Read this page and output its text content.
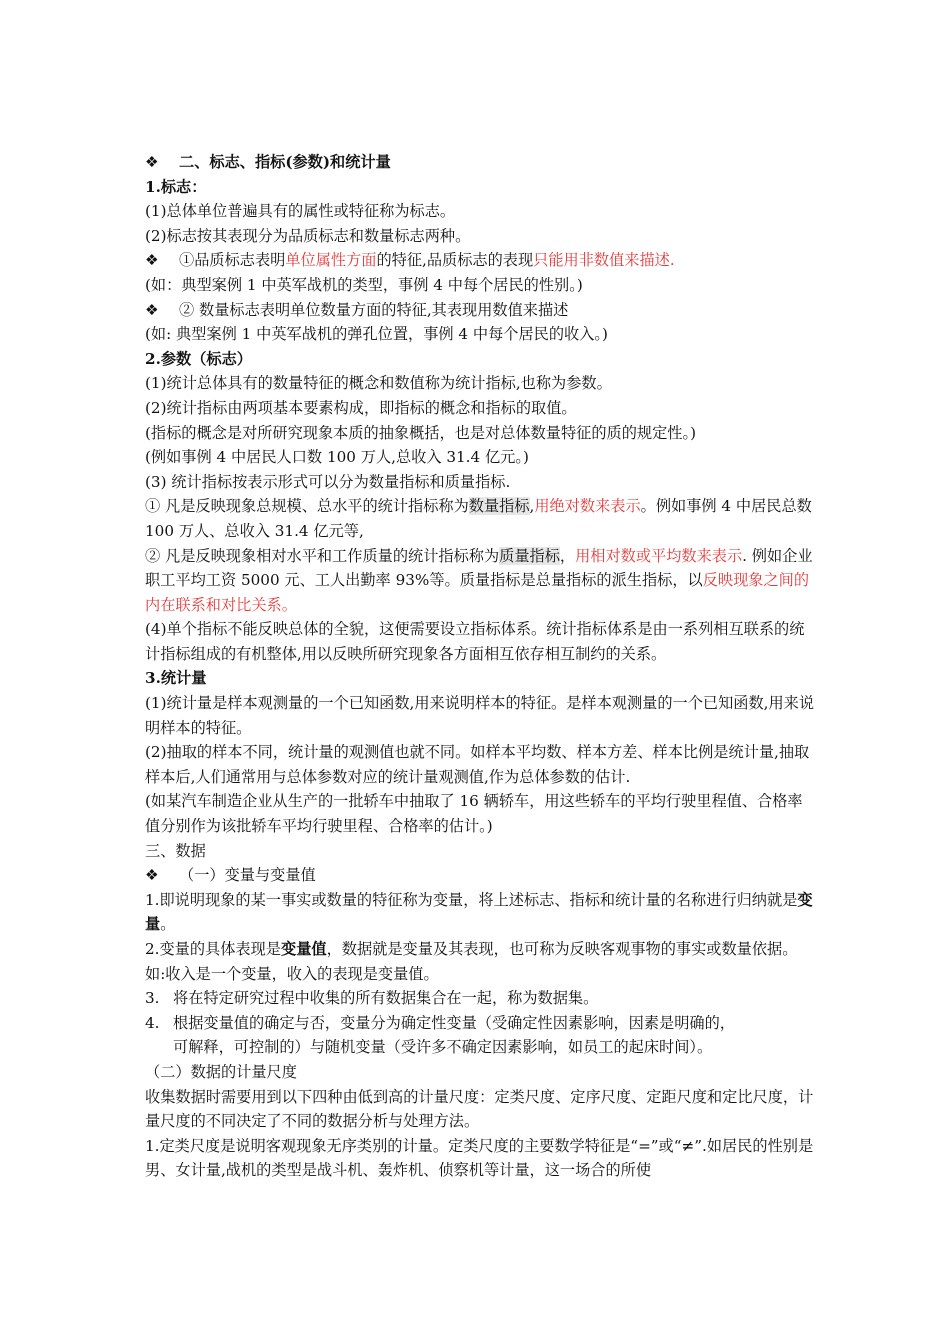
❖ 二、标志、指标(参数)和统计量

1.标志：

(1)总体单位普遍具有的属性或特征称为标志。

(2)标志按其表现分为品质标志和数量标志两种。

❖ ①品质标志表明单位属性方面的特征,品质标志的表现只能用非数值来描述.

(如：典型案例 1 中英军战机的类型，事例 4 中每个居民的性别。)

❖ ② 数量标志表明单位数量方面的特征,其表现用数值来描述

(如: 典型案例 1 中英军战机的弹孔位置，事例 4 中每个居民的收入。)

2.参数（标志）

(1)统计总体具有的数量特征的概念和数值称为统计指标,也称为参数。

(2)统计指标由两项基本要素构成，即指标的概念和指标的取值。

(指标的概念是对所研究现象本质的抽象概括，也是对总体数量特征的质的规定性。)

(例如事例 4 中居民人口数 100 万人,总收入 31.4 亿元。)

(3) 统计指标按表示形式可以分为数量指标和质量指标.

① 凡是反映现象总规模、总水平的统计指标称为数量指标,用绝对数来表示。例如事例 4 中居民总数 100 万人、总收入 31.4 亿元等,

② 凡是反映现象相对水平和工作质量的统计指标称为质量指标，用相对数或平均数来表示. 例如企业职工平均工资 5000 元、工人出勤率 93%等。质量指标是总量指标的派生指标，以反映现象之间的内在联系和对比关系。

(4)单个指标不能反映总体的全貌，这便需要设立指标体系。统计指标体系是由一系列相互联系的统计指标组成的有机整体,用以反映所研究现象各方面相互依存相互制约的关系。

3.统计量

(1)统计量是样本观测量的一个已知函数,用来说明样本的特征。是样本观测量的一个已知函数,用来说明样本的特征。

(2)抽取的样本不同，统计量的观测值也就不同。如样本平均数、样本方差、样本比例是统计量,抽取样本后,人们通常用与总体参数对应的统计量观测值,作为总体参数的估计.

(如某汽车制造企业从生产的一批轿车中抽取了 16 辆轿车，用这些轿车的平均行驶里程值、合格率值分别作为该批轿车平均行驶里程、合格率的估计。)

三、数据

❖ （一）变量与变量值

1.即说明现象的某一事实或数量的特征称为变量，将上述标志、指标和统计量的名称进行归纳就是变量。

2.变量的具体表现是变量值，数据就是变量及其表现，也可称为反映客观事物的事实或数量依据。

如:收入是一个变量，收入的表现是变量值。

3. 将在特定研究过程中收集的所有数据集合在一起，称为数据集。

4. 根据变量值的确定与否，变量分为确定性变量（受确定性因素影响，因素是明确的，

可解释，可控制的）与随机变量（受许多不确定因素影响，如员工的起床时间）。

（二）数据的计量尺度

收集数据时需要用到以下四种由低到高的计量尺度：定类尺度、定序尺度、定距尺度和定比尺度，计量尺度的不同决定了不同的数据分析与处理方法。

1.定类尺度是说明客观现象无序类别的计量。定类尺度的主要数学特征是“=”或“≠”.如居民的性别是男、女计量,战机的类型是战斗机、轰炸机、侦察机等计量，这一场合的所使
